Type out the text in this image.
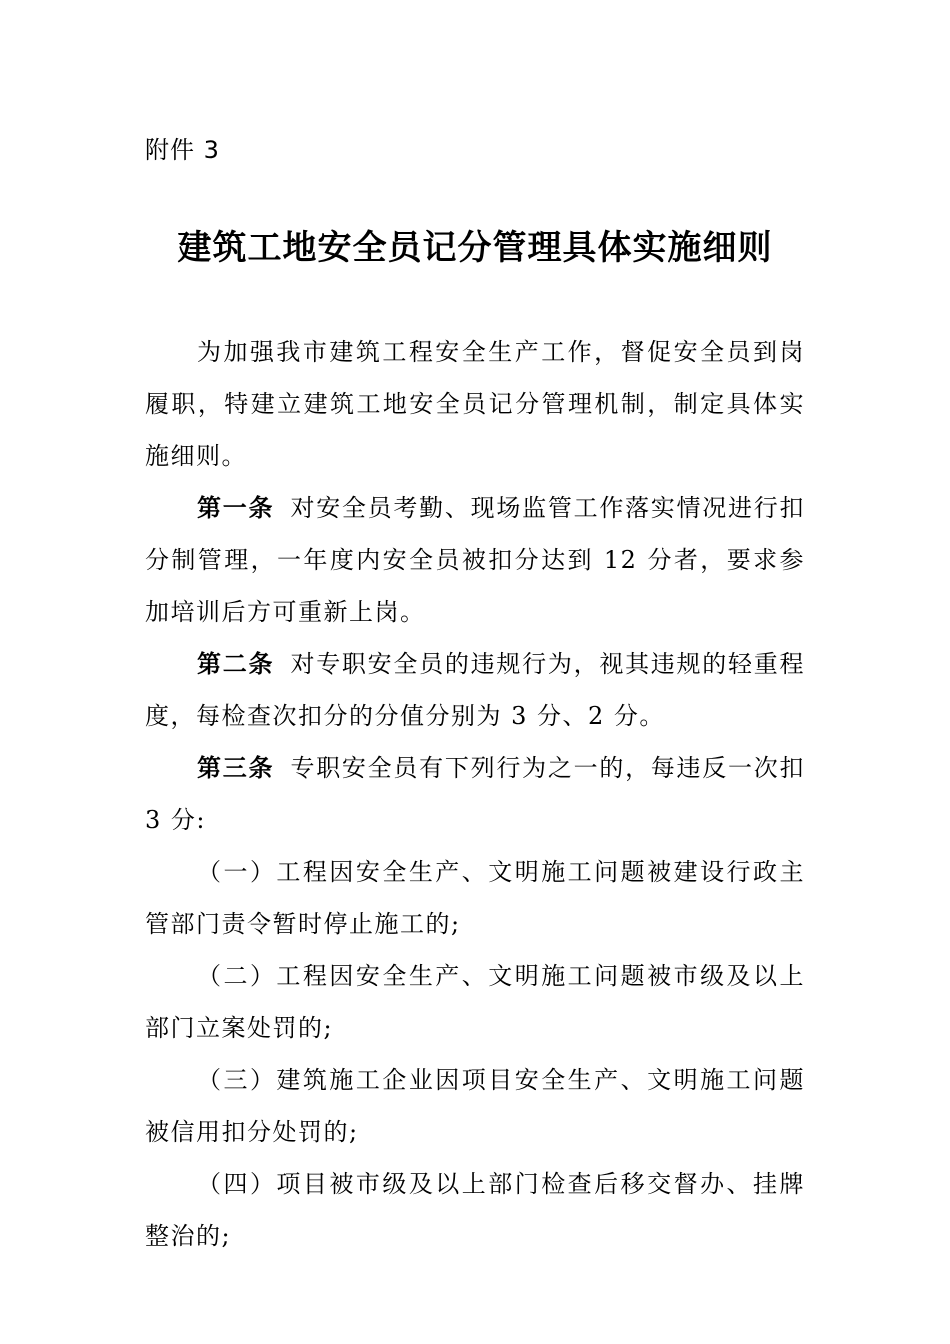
附件 3
建筑工地安全员记分管理具体实施细则

为加强我市建筑工程安全生产工作，督促安全员到岗履职，特建立建筑工地安全员记分管理机制，制定具体实施细则。

第一条 对安全员考勤、现场监管工作落实情况进行扣分制管理，一年度内安全员被扣分达到 12 分者，要求参加培训后方可重新上岗。

第二条 对专职安全员的违规行为，视其违规的轻重程度，每检查次扣分的分值分别为 3 分、2 分。

第三条 专职安全员有下列行为之一的，每违反一次扣 3 分:

（一）工程因安全生产、文明施工问题被建设行政主管部门责令暂时停止施工的;

（二）工程因安全生产、文明施工问题被市级及以上部门立案处罚的;

（三）建筑施工企业因项目安全生产、文明施工问题被信用扣分处罚的;

（四）项目被市级及以上部门检查后移交督办、挂牌整治的;
